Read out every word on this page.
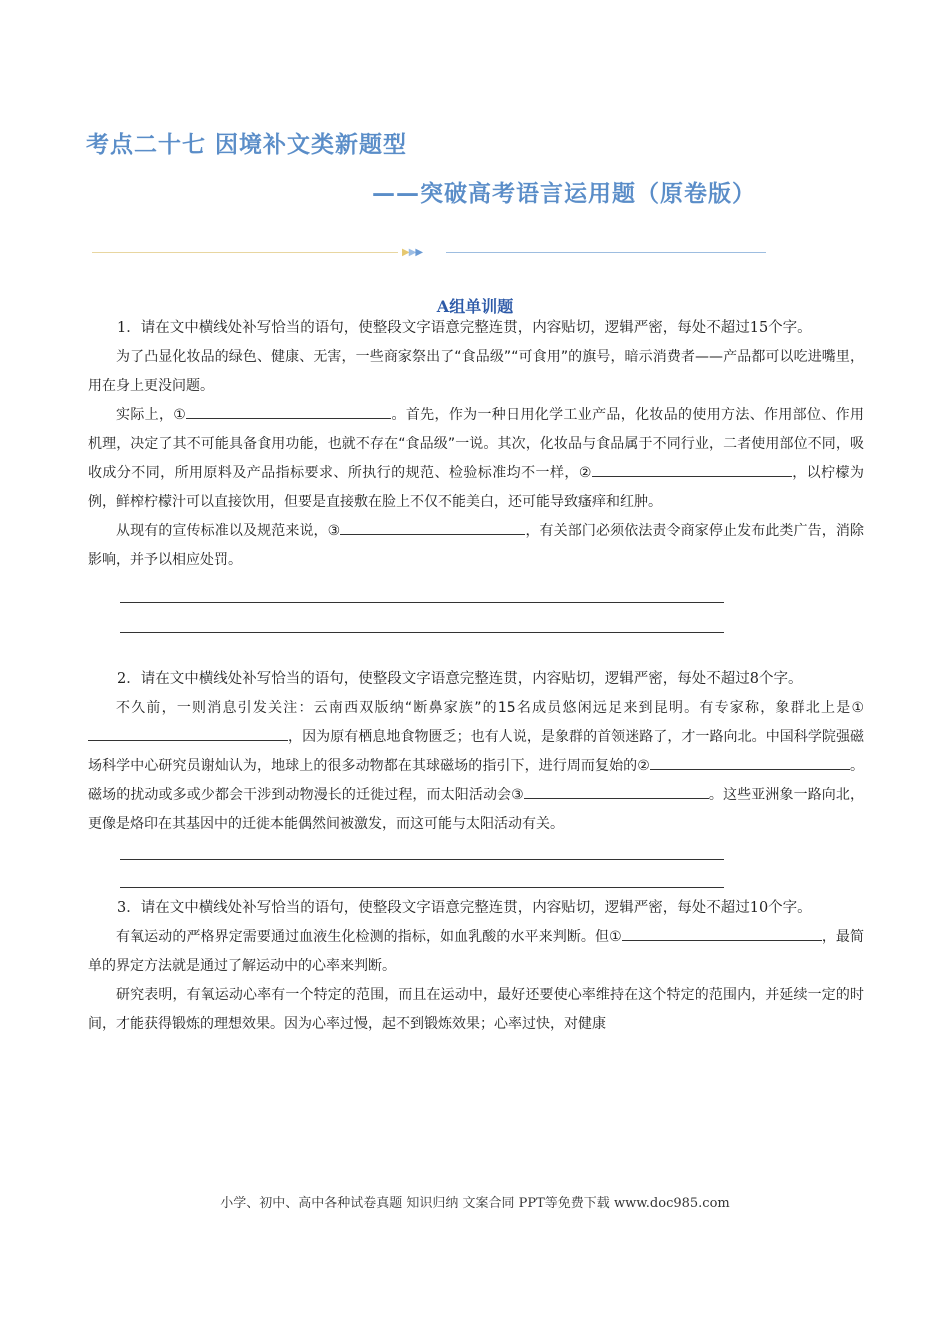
考点二十七 因境补文类新题型
——突破高考语言运用题（原卷版）
▶▶▶
A组单训题

1．请在文中横线处补写恰当的语句，使整段文字语意完整连贯，内容贴切，逻辑严密，每处不超过15个字。

为了凸显化妆品的绿色、健康、无害，一些商家祭出了“食品级”“可食用”的旗号，暗示消费者——产品都可以吃进嘴里，用在身上更没问题。

实际上，①	。首先，作为一种日用化学工业产品，化妆品的使用方法、作用部位、作用机理，决定了其不可能具备食用功能，也就不存在“食品级”一说。其次，化妆品与食品属于不同行业，二者使用部位不同，吸收成分不同，所用原料及产品指标要求、所执行的规范、检验标准均不一样，②	，以柠檬为例，鲜榨柠檬汁可以直接饮用，但要是直接敷在脸上不仅不能美白，还可能导致瘙痒和红肿。

从现有的宣传标准以及规范来说，③	，有关部门必须依法责令商家停止发布此类广告，消除影响，并予以相应处罚。

2．请在文中横线处补写恰当的语句，使整段文字语意完整连贯，内容贴切，逻辑严密，每处不超过8个字。

不久前，一则消息引发关注：云南西双版纳“断鼻家族”的15名成员悠闲远足来到昆明。有专家称，象群北上是①，因为原有栖息地食物匮乏；也有人说，是象群的首领迷路了，才一路向北。中国科学院强磁场科学中心研究员谢灿认为，地球上的很多动物都在其球磁场的指引下，进行周而复始的②	。磁场的扰动或多或少都会干涉到动物漫长的迁徙过程，而太阳活动会③	。这些亚洲象一路向北，更像是烙印在其基因中的迁徙本能偶然间被激发，而这可能与太阳活动有关。

3．请在文中横线处补写恰当的语句，使整段文字语意完整连贯，内容贴切，逻辑严密，每处不超过10个字。

有氧运动的严格界定需要通过血液生化检测的指标，如血乳酸的水平来判断。但①	，最简单的界定方法就是通过了解运动中的心率来判断。

研究表明，有氧运动心率有一个特定的范围，而且在运动中，最好还要使心率维持在这个特定的范围内，并延续一定的时间，才能获得锻炼的理想效果。因为心率过慢，起不到锻炼效果；心率过快，对健康

小学、初中、高中各种试卷真题 知识归纳 文案合同 PPT等免费下载 www.doc985.com
